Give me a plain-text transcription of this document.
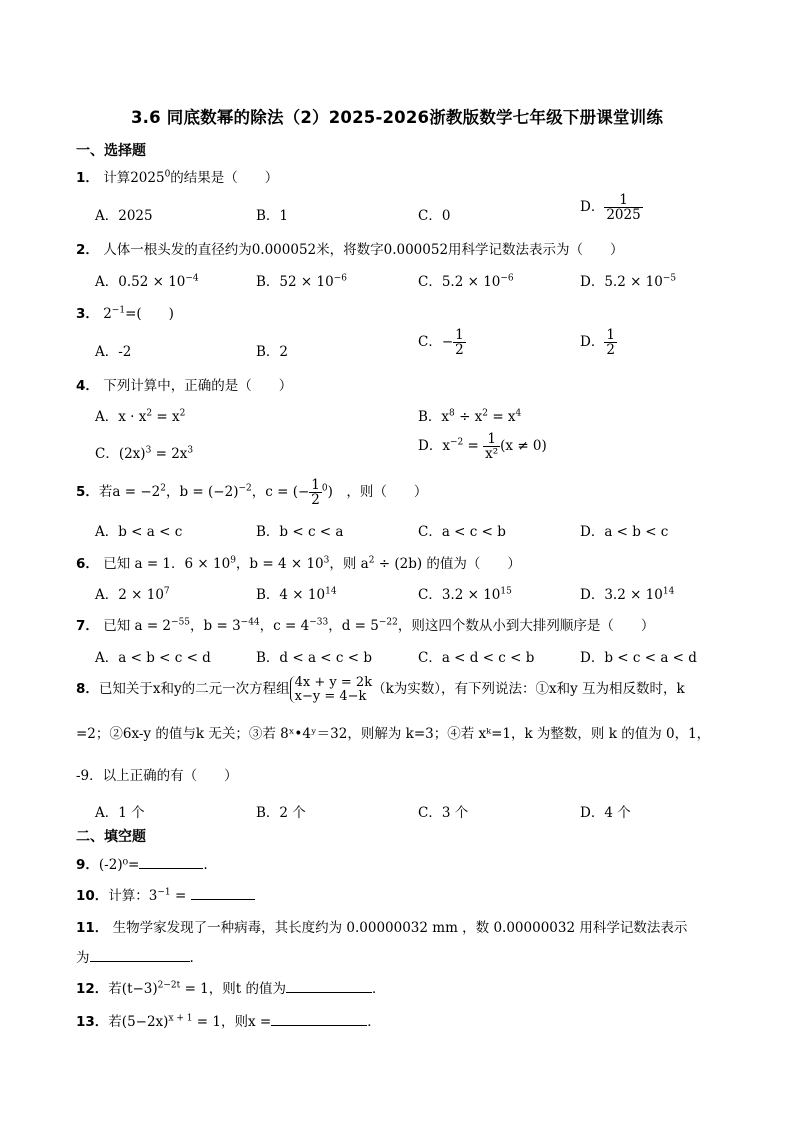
3.6 同底数幂的除法（2）2025-2026浙教版数学七年级下册课堂训练
一、选择题
1． 计算2025$^0$的结果是（　　）
A．2025	B．1	C．0
D． $\frac{1}{2025}$
2． 人体一根头发的直径约为0.000052米，将数字0.000052用科学记数法表示为（　　）
A．$0.52 \times 10^{-4}$	B．$52 \times 10^{-6}$	C．$5.2 \times 10^{-6}$	D．$5.2 \times 10^{-5}$
3． $2^{-1}=$(　　)
A．-2	B．2
C．− $\frac{1}{2}$	D． $\frac{1}{2}$
4． 下列计算中，正确的是（　　）
A．$x \cdot x^2 = x^2$	B．$x^8 \div x^2 = x^4$
C．$(2x)^3 = 2x^3$	D．$x^{-2} = \frac{1}{\text{x²}} (x \ne 0)$
5．若$a = -2^2$，$b = (-2)^{-2}$，c = (− $\frac{1}{2} ^0$)　，则（　　）
A．b < a < c	B．b < c < a	C．a < c < b	D．a < b < c
6． 已知 a = 1．$6 \times 10^9$，$b = 4 \times 10^3$，则 $a^2 \div (2b)$ 的值为（　　）
A．$2 \times 10^7$	B．$4 \times 10^{14}$	C．$3.2 \times 10^{15}$	D．$3.2 \times 10^{14}$
7． 已知 $a = 2^{-55}$，$b = 3^{-44}$，$c = 4^{-33}$，$d = 5^{-22}$，则这四个数从小到大排列顺序是（　　）
A．a < b < c < d	B．d < a < c < b	C．a < d < c < b	D．b < c < a < d
8．已知关于x和y的二元一次方程组 4x + y = 2k
x−y = 4−k （k为实数），有下列说法：①x和y 互为相反数时，k
=2；②6x-y 的值与k 无关；③若 8ˣ•4ʸ＝32，则解为 k=3；④若 xᵏ=1，k 为整数，则 k 的值为 0，1，
-9．以上正确的有（　　）
A．1 个	B．2 个	C．3 个	D．4 个
二、填空题
9．(-2)⁰=	.
10．计算：$3^{-1}$ =
11． 生物学家发现了一种病毒，其长度约为 0.00000032 mm ，数 0.00000032 用科学记数法表示
为	.
12．若$(t-3)^{2-2t} = 1$，则t 的值为	．
13．若$(5-2x)^{x + 1} = 1$，则x =	．
